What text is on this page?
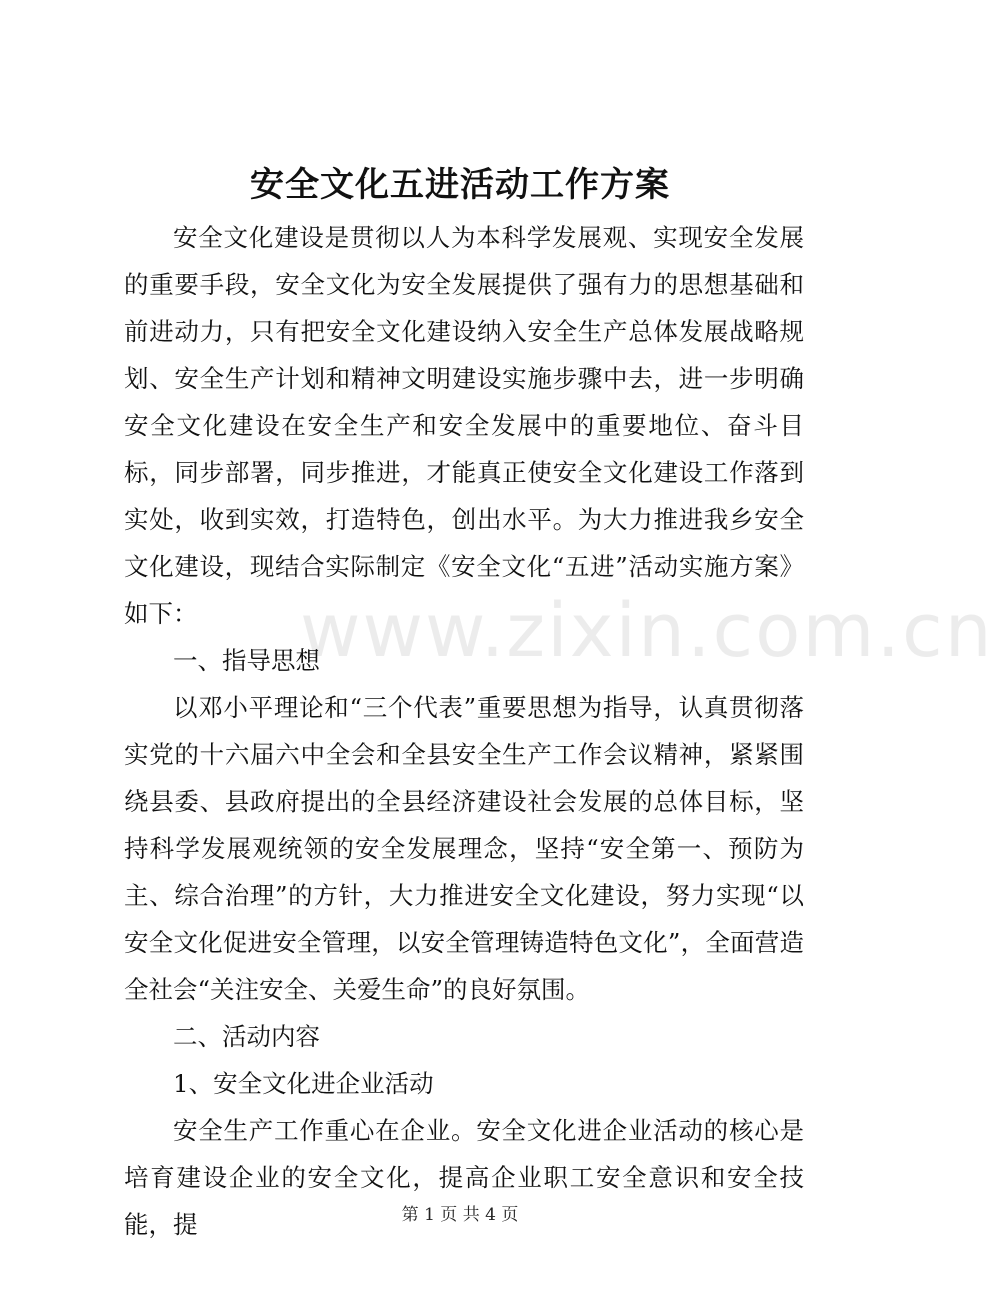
www.zixin.com.cn
安全文化五进活动工作方案

安全文化建设是贯彻以人为本科学发展观、实现安全发展的重要手段，安全文化为安全发展提供了强有力的思想基础和前进动力，只有把安全文化建设纳入安全生产总体发展战略规划、安全生产计划和精神文明建设实施步骤中去，进一步明确安全文化建设在安全生产和安全发展中的重要地位、奋斗目标，同步部署，同步推进，才能真正使安全文化建设工作落到实处，收到实效，打造特色，创出水平。为大力推进我乡安全文化建设，现结合实际制定《安全文化“五进”活动实施方案》如下：

一、指导思想

以邓小平理论和“三个代表”重要思想为指导，认真贯彻落实党的十六届六中全会和全县安全生产工作会议精神，紧紧围绕县委、县政府提出的全县经济建设社会发展的总体目标，坚持科学发展观统领的安全发展理念，坚持“安全第一、预防为主、综合治理”的方针，大力推进安全文化建设，努力实现“以安全文化促进安全管理，以安全管理铸造特色文化”，全面营造全社会“关注安全、关爱生命”的良好氛围。

二、活动内容

1、安全文化进企业活动

安全生产工作重心在企业。安全文化进企业活动的核心是培育建设企业的安全文化，提高企业职工安全意识和安全技能，提	第 1 页 共 4 页
